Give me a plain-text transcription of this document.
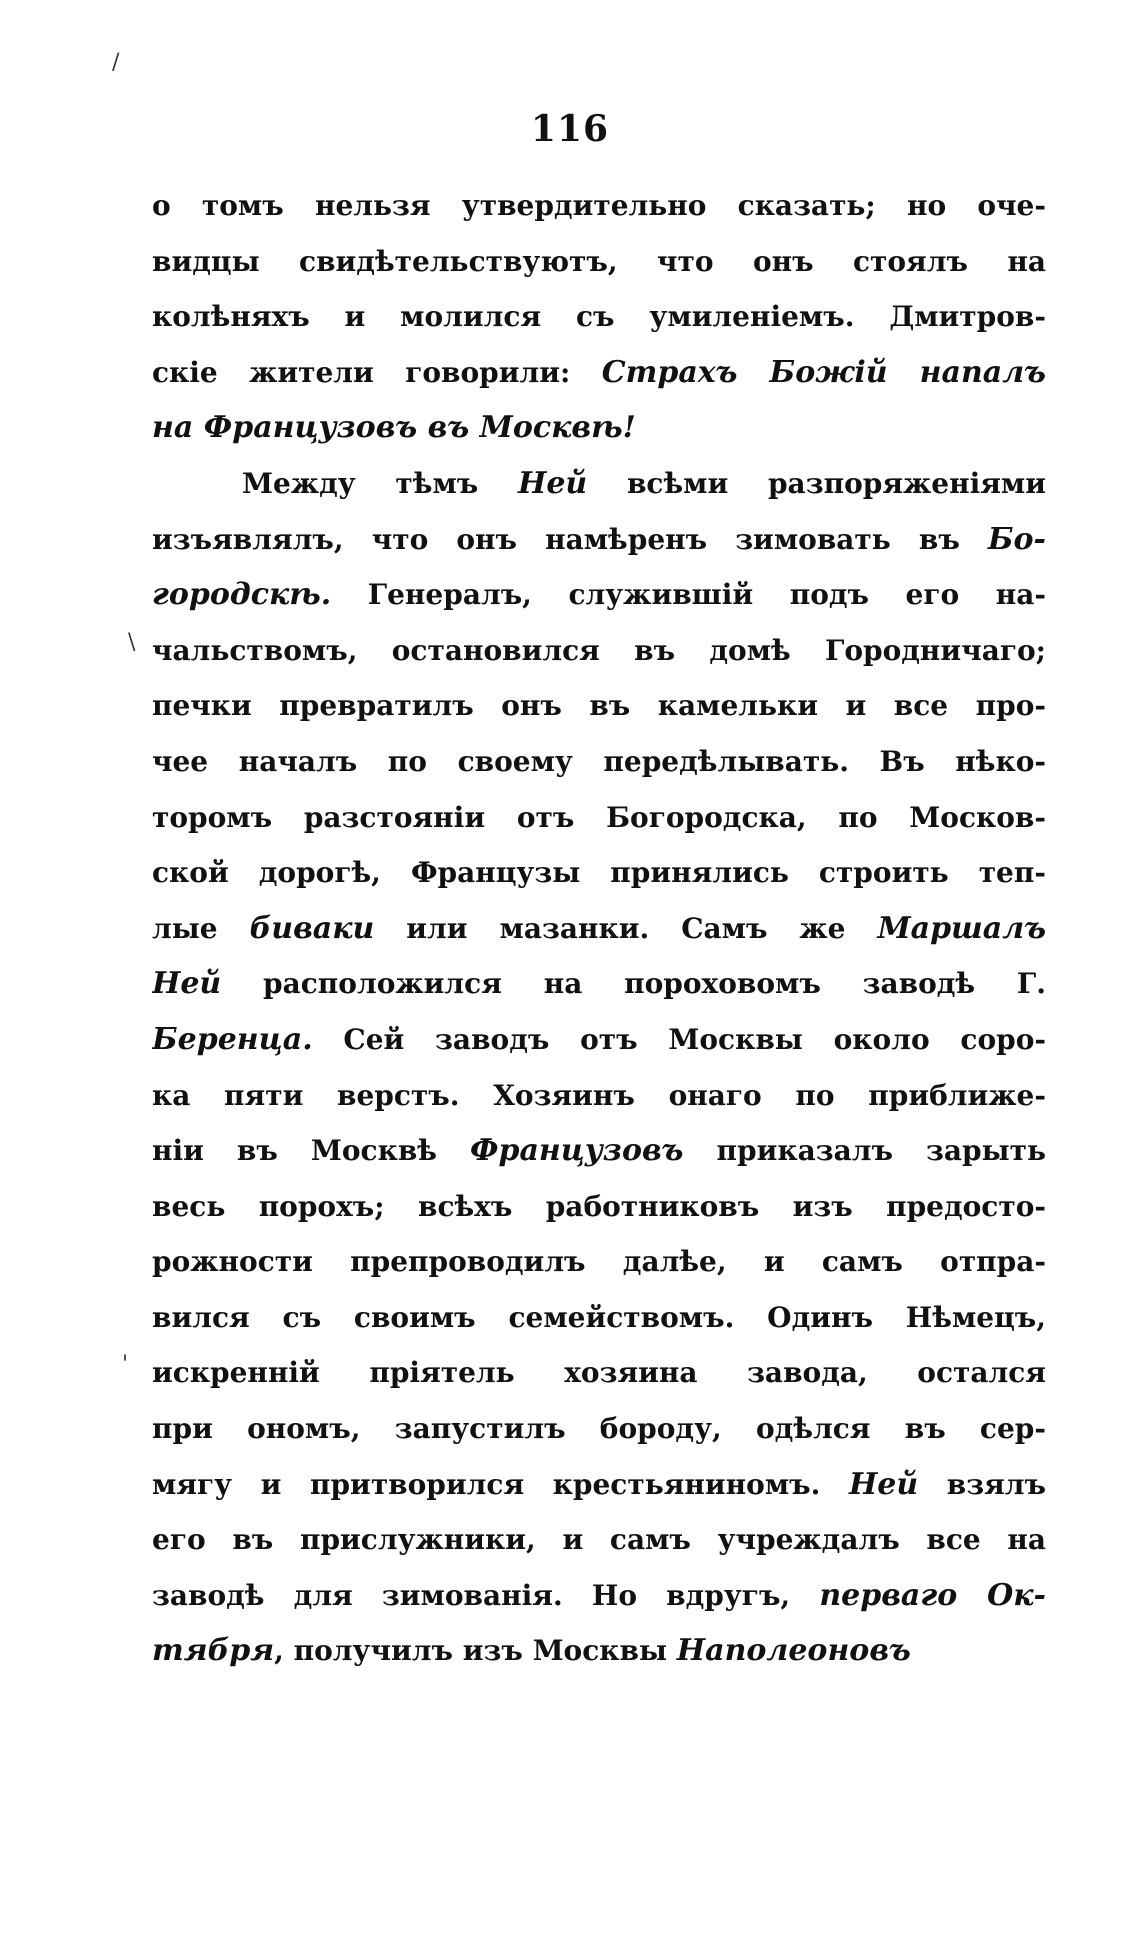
/
\
'
116
о томъ нельзя утвердительно сказать; но оче-
видцы свидѣтельствуютъ, что онъ стоялъ на
колѣняхъ и молился съ умиленіемъ. Дмитров-
скіе жители говорили: Страхъ Божій напалъ
на Французовъ въ Москвѣ!
Между тѣмъ Ней всѣми разпоряженіями
изъявлялъ, что онъ намѣренъ зимовать въ Бо-
городскѣ. Генералъ, служившій подъ его на-
чальствомъ, остановился въ домѣ Городничаго;
печки превратилъ онъ въ камельки и все про-
чее началъ по своему передѣлывать. Въ нѣко-
торомъ разстояніи отъ Богородска, по Москов-
ской дорогѣ, Французы принялись строить теп-
лые биваки или мазанки. Самъ же Маршалъ
Ней расположился на пороховомъ заводѣ Г.
Беренца. Сей заводъ отъ Москвы около соро-
ка пяти верстъ. Хозяинъ онаго по приближе-
ніи въ Москвѣ Французовъ приказалъ зарыть
весь порохъ; всѣхъ работниковъ изъ предосто-
рожности препроводилъ далѣе, и самъ отпра-
вился съ своимъ семействомъ. Одинъ Нѣмецъ,
искренній пріятель хозяина завода, остался
при ономъ, запустилъ бороду, одѣлся въ сер-
мягу и притворился крестьяниномъ. Ней взялъ
его въ прислужники, и самъ учреждалъ все на
заводѣ для зимованія. Но вдругъ, перваго Ок-
тября, получилъ изъ Москвы Наполеоновъ
